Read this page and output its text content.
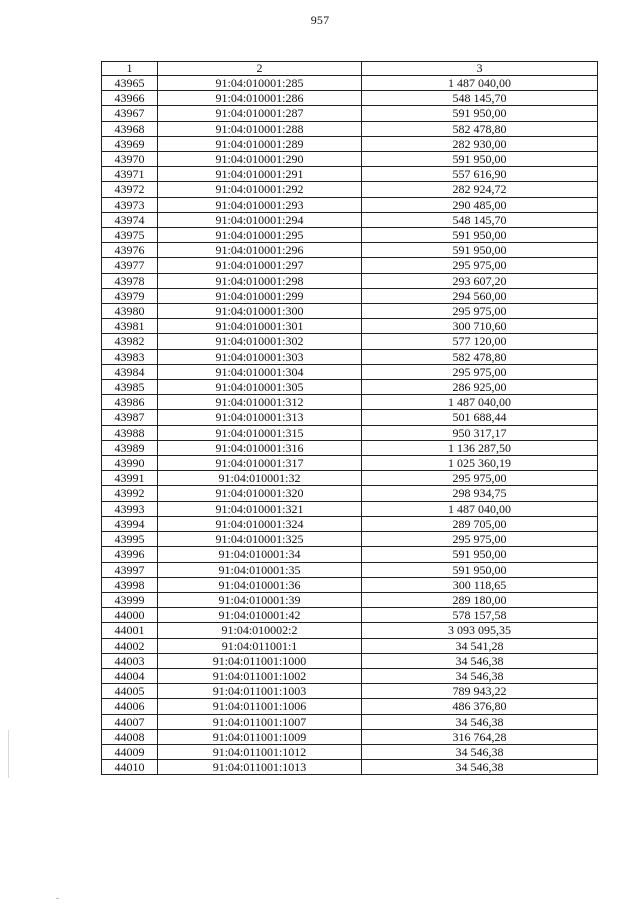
957
1	2	3
43965	91:04:010001:285	1 487 040,00
43966	91:04:010001:286	548 145,70
43967	91:04:010001:287	591 950,00
43968	91:04:010001:288	582 478,80
43969	91:04:010001:289	282 930,00
43970	91:04:010001:290	591 950,00
43971	91:04:010001:291	557 616,90
43972	91:04:010001:292	282 924,72
43973	91:04:010001:293	290 485,00
43974	91:04:010001:294	548 145,70
43975	91:04:010001:295	591 950,00
43976	91:04:010001:296	591 950,00
43977	91:04:010001:297	295 975,00
43978	91:04:010001:298	293 607,20
43979	91:04:010001:299	294 560,00
43980	91:04:010001:300	295 975,00
43981	91:04:010001:301	300 710,60
43982	91:04:010001:302	577 120,00
43983	91:04:010001:303	582 478,80
43984	91:04:010001:304	295 975,00
43985	91:04:010001:305	286 925,00
43986	91:04:010001:312	1 487 040,00
43987	91:04:010001:313	501 688,44
43988	91:04:010001:315	950 317,17
43989	91:04:010001:316	1 136 287,50
43990	91:04:010001:317	1 025 360,19
43991	91:04:010001:32	295 975,00
43992	91:04:010001:320	298 934,75
43993	91:04:010001:321	1 487 040,00
43994	91:04:010001:324	289 705,00
43995	91:04:010001:325	295 975,00
43996	91:04:010001:34	591 950,00
43997	91:04:010001:35	591 950,00
43998	91:04:010001:36	300 118,65
43999	91:04:010001:39	289 180,00
44000	91:04:010001:42	578 157,58
44001	91:04:010002:2	3 093 095,35
44002	91:04:011001:1	34 541,28
44003	91:04:011001:1000	34 546,38
44004	91:04:011001:1002	34 546,38
44005	91:04:011001:1003	789 943,22
44006	91:04:011001:1006	486 376,80
44007	91:04:011001:1007	34 546,38
44008	91:04:011001:1009	316 764,28
44009	91:04:011001:1012	34 546,38
44010	91:04:011001:1013	34 546,38
